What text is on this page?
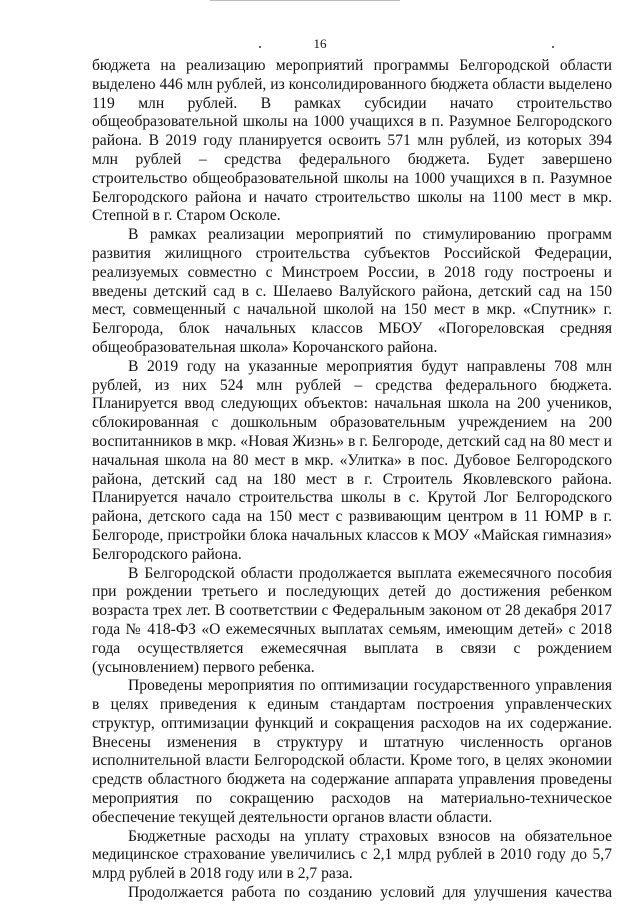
16

бюджета на реализацию мероприятий программы Белгородской области выделено 446 млн рублей, из консолидированного бюджета области выделено 119 млн рублей. В рамках субсидии начато строительство общеобразовательной школы на 1000 учащихся в п. Разумное Белгородского района. В 2019 году планируется освоить 571 млн рублей, из которых 394 млн рублей – средства федерального бюджета. Будет завершено строительство общеобразовательной школы на 1000 учащихся в п. Разумное Белгородского района и начато строительство школы на 1100 мест в мкр. Степной в г. Старом Осколе.

В рамках реализации мероприятий по стимулированию программ развития жилищного строительства субъектов Российской Федерации, реализуемых совместно с Минстроем России, в 2018 году построены и введены детский сад в с. Шелаево Валуйского района, детский сад на 150 мест, совмещенный с начальной школой на 150 мест в мкр. «Спутник» г. Белгорода, блок начальных классов МБОУ «Погореловская средняя общеобразовательная школа» Корочанского района.

В 2019 году на указанные мероприятия будут направлены 708 млн рублей, из них 524 млн рублей – средства федерального бюджета. Планируется ввод следующих объектов: начальная школа на 200 учеников, сблокированная с дошкольным образовательным учреждением на 200 воспитанников в мкр. «Новая Жизнь» в г. Белгороде, детский сад на 80 мест и начальная школа на 80 мест в мкр. «Улитка» в пос. Дубовое Белгородского района, детский сад на 180 мест в г. Строитель Яковлевского района. Планируется начало строительства школы в с. Крутой Лог Белгородского района, детского сада на 150 мест с развивающим центром в 11 ЮМР в г. Белгороде, пристройки блока начальных классов к МОУ «Майская гимназия» Белгородского района.

В Белгородской области продолжается выплата ежемесячного пособия при рождении третьего и последующих детей до достижения ребенком возраста трех лет. В соответствии с Федеральным законом от 28 декабря 2017 года № 418-ФЗ «О ежемесячных выплатах семьям, имеющим детей» с 2018 года осуществляется ежемесячная выплата в связи с рождением (усыновлением) первого ребенка.

Проведены мероприятия по оптимизации государственного управления в целях приведения к единым стандартам построения управленческих структур, оптимизации функций и сокращения расходов на их содержание. Внесены изменения в структуру и штатную численность органов исполнительной власти Белгородской области. Кроме того, в целях экономии средств областного бюджета на содержание аппарата управления проведены мероприятия по сокращению расходов на материально-техническое обеспечение текущей деятельности органов власти области.

Бюджетные расходы на уплату страховых взносов на обязательное медицинское страхование увеличились с 2,1 млрд рублей в 2010 году до 5,7 млрд рублей в 2018 году или в 2,7 раза.

Продолжается работа по созданию условий для улучшения качества
